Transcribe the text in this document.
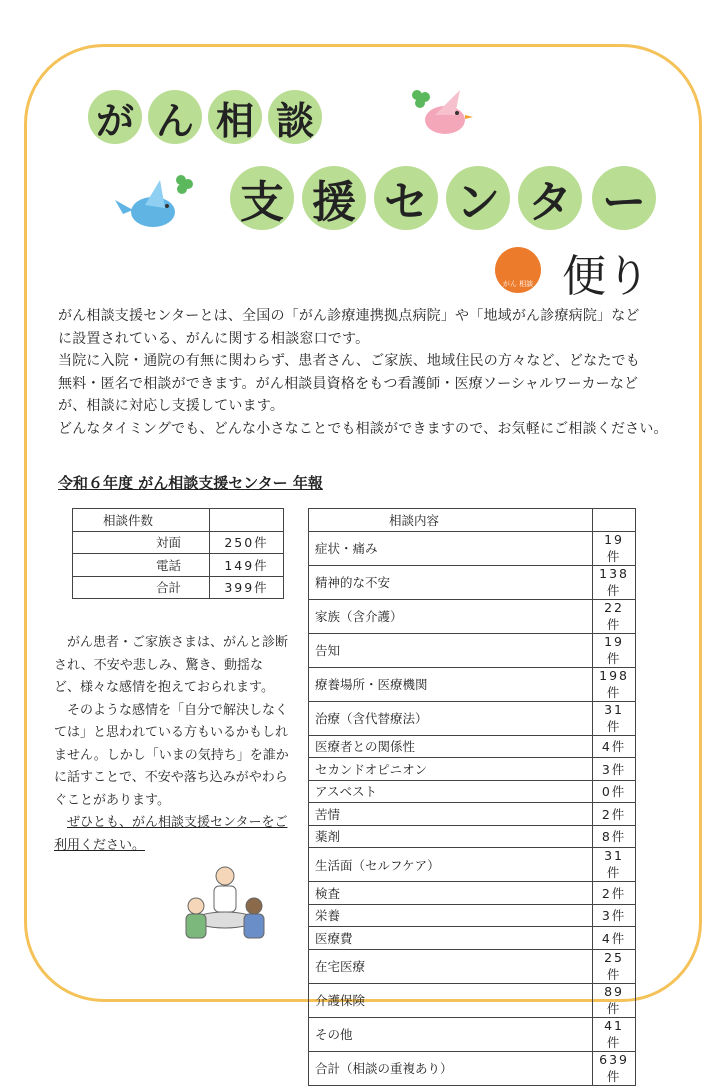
が ん 相 談
支 援 セ ン タ ー
がん 相談 便り
がん相談支援センターとは、全国の「がん診療連携拠点病院」や「地域がん診療病院」など
に設置されている、がんに関する相談窓口です。
当院に入院・通院の有無に関わらず、患者さん、ご家族、地域住民の方々など、どなたでも
無料・匿名で相談ができます。がん相談員資格をもつ看護師・医療ソーシャルワーカーなど
が、相談に対応し支援しています。
どんなタイミングでも、どんな小さなことでも相談ができますので、お気軽にご相談ください。
令和６年度 がん相談支援センター 年報
相談件数	
対面	250件
電話	149件
合計	399件
相談内容	
症状・痛み	19件
精神的な不安	138件
家族（含介護）	22件
告知	19件
療養場所・医療機関	198件
治療（含代替療法）	31件
医療者との関係性	4件
セカンドオピニオン	3件
アスベスト	0件
苦情	2件
薬剤	8件
生活面（セルフケア）	31件
検査	2件
栄養	3件
医療費	4件
在宅医療	25件
介護保険	89件
その他	41件
合計（相談の重複あり）	639件

がん患者・ご家族さまは、がんと診断され、不安や悲しみ、驚き、動揺など、様々な感情を抱えておられます。

そのような感情を「自分で解決しなくては」と思われている方もいるかもしれません。しかし「いまの気持ち」を誰かに話すことで、不安や落ち込みがやわらぐことがあります。

ぜひとも、がん相談支援センターをご利用ください。
